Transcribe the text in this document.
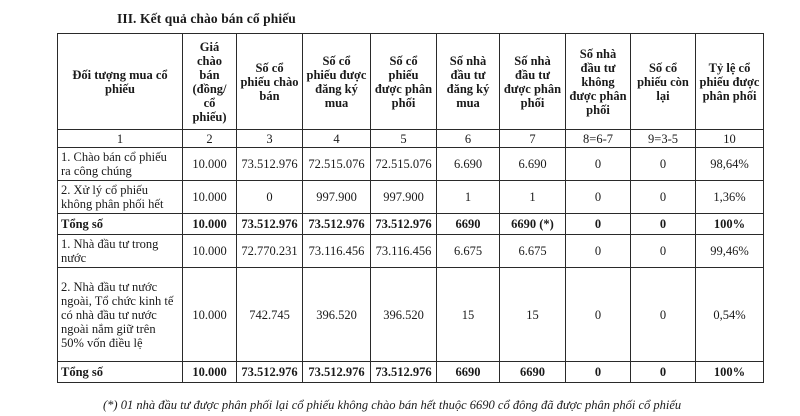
III. Kết quả chào bán cổ phiếu
Đối tượng mua cổ phiếu	Giá chào bán (đồng/ cổ phiếu)	Số cổ phiếu chào bán	Số cổ phiếu được đăng ký mua	Số cổ phiếu được phân phối	Số nhà đầu tư đăng ký mua	Số nhà đầu tư được phân phối	Số nhà đầu tư không được phân phối	Số cổ phiếu còn lại	Tỷ lệ cổ phiếu được phân phối
1	2	3	4	5	6	7	8=6-7	9=3-5	10
1. Chào bán cổ phiếu ra công chúng	10.000	73.512.976	72.515.076	72.515.076	6.690	6.690	0	0	98,64%
2. Xử lý cổ phiếu không phân phối hết	10.000	0	997.900	997.900	1	1	0	0	1,36%
Tổng số	10.000	73.512.976	73.512.976	73.512.976	6690	6690 (*)	0	0	100%
1. Nhà đầu tư trong nước	10.000	72.770.231	73.116.456	73.116.456	6.675	6.675	0	0	99,46%
2. Nhà đầu tư nước ngoài, Tổ chức kinh tế có nhà đầu tư nước ngoài nắm giữ trên 50% vốn điều lệ	10.000	742.745	396.520	396.520	15	15	0	0	0,54%
Tổng số	10.000	73.512.976	73.512.976	73.512.976	6690	6690	0	0	100%
(*) 01 nhà đầu tư được phân phối lại cổ phiếu không chào bán hết thuộc 6690 cổ đông đã được phân phối cổ phiếu
